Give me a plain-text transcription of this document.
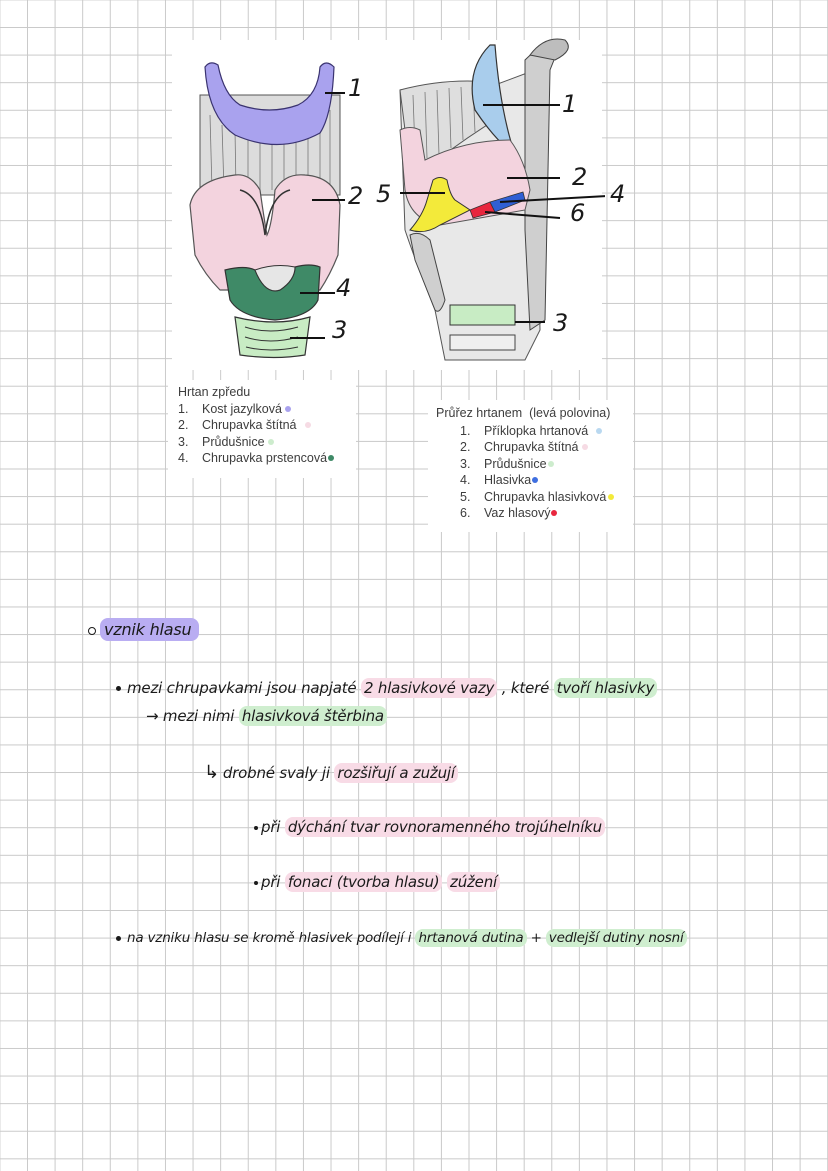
1
2
4
3
1
2
5	4
6
3
Hrtan zpředu
1.	Kost jazylková
2.	Chrupavka štítná
3.	Průdušnice
4.	Chrupavka prstencová
Průřez hrtanem  (levá polovina)
1.	Příklopka hrtanová
2.	Chrupavka štítná
3.	Průdušnice
4.	Hlasivka
5.	Chrupavka hlasivková
6.	Vaz hlasový
vznik hlasu
mezi chrupavkami jsou napjaté 2 hlasivkové vazy , které tvoří hlasivky
→ mezi nimi hlasivková štěrbina
↳ drobné svaly ji rozšiřují a zužují
při dýchání tvar rovnoramenného trojúhelníku
při fonaci (tvorba hlasu) zúžení
na vzniku hlasu se kromě hlasivek podílejí i hrtanová dutina + vedlejší dutiny nosní
